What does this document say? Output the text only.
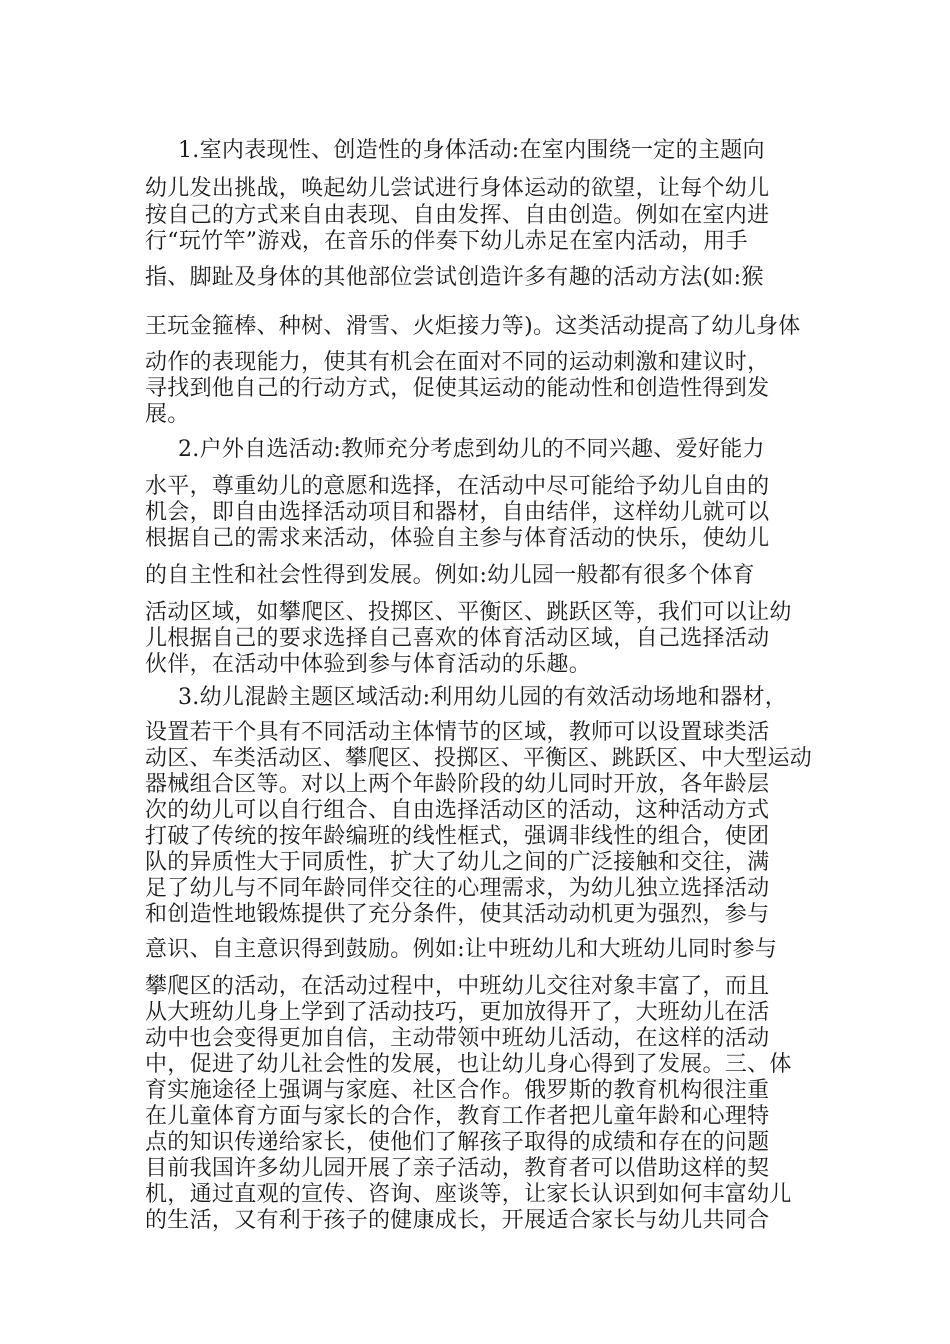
1.室内表现性、创造性的身体活动:在室内围绕一定的主题向

幼儿发出挑战，唤起幼儿尝试进行身体运动的欲望，让每个幼儿

按自己的方式来自由表现、自由发挥、自由创造。例如在室内进

行“玩竹竿”游戏，在音乐的伴奏下幼儿赤足在室内活动，用手

指、脚趾及身体的其他部位尝试创造许多有趣的活动方法(如:猴

王玩金箍棒、种树、滑雪、火炬接力等)。这类活动提高了幼儿身体

动作的表现能力，使其有机会在面对不同的运动刺激和建议时，

寻找到他自己的行动方式，促使其运动的能动性和创造性得到发

展。

2.户外自选活动:教师充分考虑到幼儿的不同兴趣、爱好能力

水平，尊重幼儿的意愿和选择，在活动中尽可能给予幼儿自由的

机会，即自由选择活动项目和器材，自由结伴，这样幼儿就可以

根据自己的需求来活动，体验自主参与体育活动的快乐，使幼儿

的自主性和社会性得到发展。例如:幼儿园一般都有很多个体育

活动区域，如攀爬区、投掷区、平衡区、跳跃区等，我们可以让幼

儿根据自己的要求选择自己喜欢的体育活动区域，自己选择活动

伙伴，在活动中体验到参与体育活动的乐趣。

3.幼儿混龄主题区域活动:利用幼儿园的有效活动场地和器材，

设置若干个具有不同活动主体情节的区域，教师可以设置球类活

动区、车类活动区、攀爬区、投掷区、平衡区、跳跃区、中大型运动

器械组合区等。对以上两个年龄阶段的幼儿同时开放，各年龄层

次的幼儿可以自行组合、自由选择活动区的活动，这种活动方式

打破了传统的按年龄编班的线性框式，强调非线性的组合，使团

队的异质性大于同质性，扩大了幼儿之间的广泛接触和交往，满

足了幼儿与不同年龄同伴交往的心理需求，为幼儿独立选择活动

和创造性地锻炼提供了充分条件，使其活动动机更为强烈，参与

意识、自主意识得到鼓励。例如:让中班幼儿和大班幼儿同时参与

攀爬区的活动，在活动过程中，中班幼儿交往对象丰富了，而且

从大班幼儿身上学到了活动技巧，更加放得开了，大班幼儿在活

动中也会变得更加自信，主动带领中班幼儿活动，在这样的活动

中，促进了幼儿社会性的发展，也让幼儿身心得到了发展。三、体

育实施途径上强调与家庭、社区合作。俄罗斯的教育机构很注重

在儿童体育方面与家长的合作，教育工作者把儿童年龄和心理特

点的知识传递给家长，使他们了解孩子取得的成绩和存在的问题

目前我国许多幼儿园开展了亲子活动，教育者可以借助这样的契

机，通过直观的宣传、咨询、座谈等，让家长认识到如何丰富幼儿

的生活，又有利于孩子的健康成长，开展适合家长与幼儿共同合
